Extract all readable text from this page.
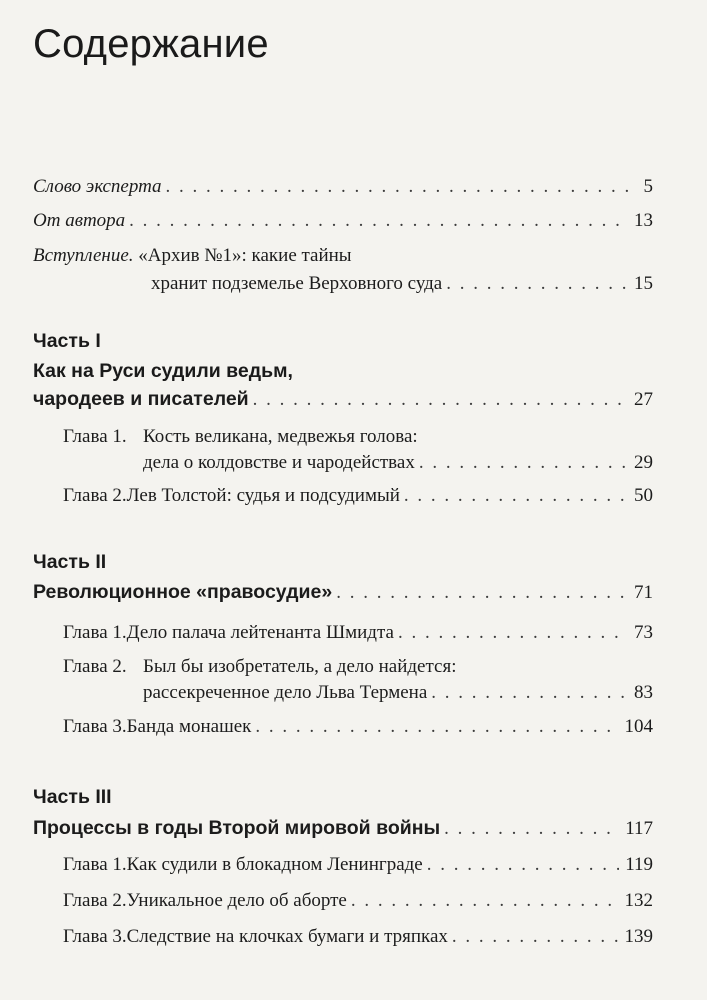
Содержание
Слово эксперта . . .	5
От автора . . .	13
Вступление. «Архив №1»: какие тайны
хранит подземелье Верховного суда . . .	15
Часть I
Как на Руси судили ведьм,
чародеев и писателей . . .	27
Глава 1. Кость великана, медвежья голова:
дела о колдовстве и чародействах . . .	29
Глава 2. Лев Толстой: судья и подсудимый . . .	50
Часть II
Революционное «правосудие» . . .	71
Глава 1. Дело палача лейтенанта Шмидта . . .	73
Глава 2. Был бы изобретатель, а дело найдется:
рассекреченное дело Льва Термена . . .	83
Глава 3. Банда монашек . . .	104
Часть III
Процессы в годы Второй мировой войны . . .	117
Глава 1. Как судили в блокадном Ленинграде . . .	119
Глава 2. Уникальное дело об аборте . . .	132
Глава 3. Следствие на клочках бумаги и тряпках . . .	139
